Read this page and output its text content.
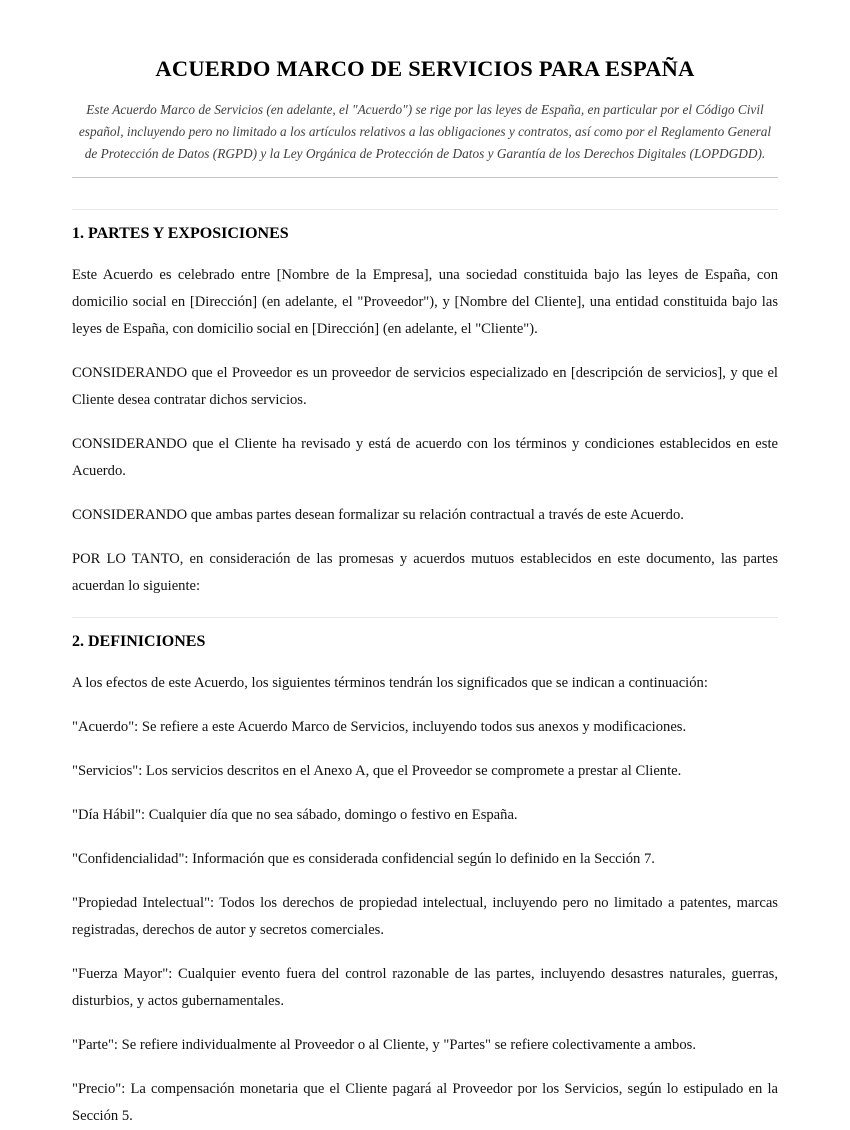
ACUERDO MARCO DE SERVICIOS PARA ESPAÑA

Este Acuerdo Marco de Servicios (en adelante, el "Acuerdo") se rige por las leyes de España, en particular por el Código Civil español, incluyendo pero no limitado a los artículos relativos a las obligaciones y contratos, así como por el Reglamento General de Protección de Datos (RGPD) y la Ley Orgánica de Protección de Datos y Garantía de los Derechos Digitales (LOPDGDD).

1. PARTES Y EXPOSICIONES

Este Acuerdo es celebrado entre [Nombre de la Empresa], una sociedad constituida bajo las leyes de España, con domicilio social en [Dirección] (en adelante, el "Proveedor"), y [Nombre del Cliente], una entidad constituida bajo las leyes de España, con domicilio social en [Dirección] (en adelante, el "Cliente").

CONSIDERANDO que el Proveedor es un proveedor de servicios especializado en [descripción de servicios], y que el Cliente desea contratar dichos servicios.

CONSIDERANDO que el Cliente ha revisado y está de acuerdo con los términos y condiciones establecidos en este Acuerdo.

CONSIDERANDO que ambas partes desean formalizar su relación contractual a través de este Acuerdo.

POR LO TANTO, en consideración de las promesas y acuerdos mutuos establecidos en este documento, las partes acuerdan lo siguiente:

2. DEFINICIONES

A los efectos de este Acuerdo, los siguientes términos tendrán los significados que se indican a continuación:

"Acuerdo": Se refiere a este Acuerdo Marco de Servicios, incluyendo todos sus anexos y modificaciones.

"Servicios": Los servicios descritos en el Anexo A, que el Proveedor se compromete a prestar al Cliente.

"Día Hábil": Cualquier día que no sea sábado, domingo o festivo en España.

"Confidencialidad": Información que es considerada confidencial según lo definido en la Sección 7.

"Propiedad Intelectual": Todos los derechos de propiedad intelectual, incluyendo pero no limitado a patentes, marcas registradas, derechos de autor y secretos comerciales.

"Fuerza Mayor": Cualquier evento fuera del control razonable de las partes, incluyendo desastres naturales, guerras, disturbios, y actos gubernamentales.

"Parte": Se refiere individualmente al Proveedor o al Cliente, y "Partes" se refiere colectivamente a ambos.

"Precio": La compensación monetaria que el Cliente pagará al Proveedor por los Servicios, según lo estipulado en la Sección 5.
